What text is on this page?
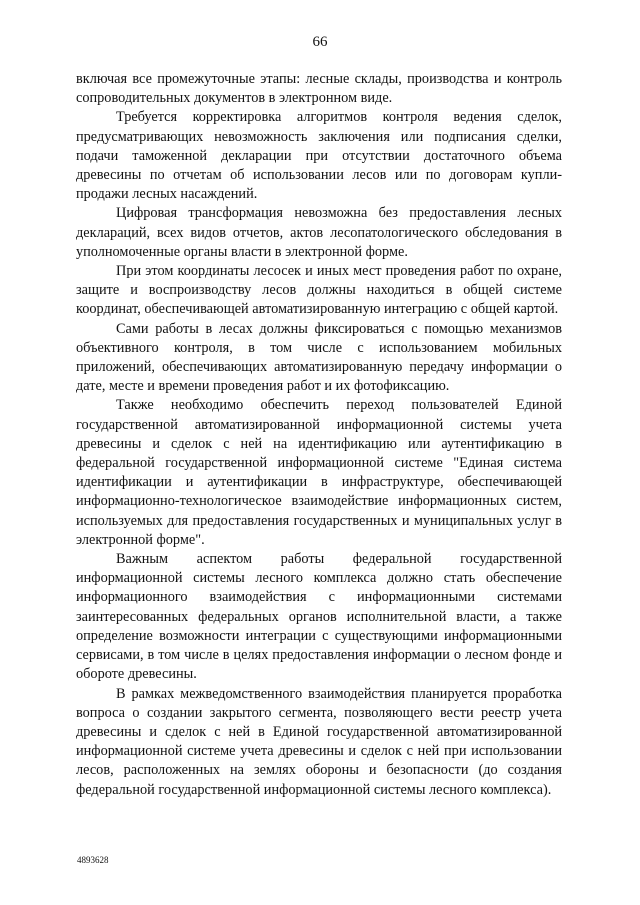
66

включая все промежуточные этапы: лесные склады, производства и контроль сопроводительных документов в электронном виде.

Требуется корректировка алгоритмов контроля ведения сделок, предусматривающих невозможность заключения или подписания сделки, подачи таможенной декларации при отсутствии достаточного объема древесины по отчетам об использовании лесов или по договорам купли-продажи лесных насаждений.

Цифровая трансформация невозможна без предоставления лесных деклараций, всех видов отчетов, актов лесопатологического обследования в уполномоченные органы власти в электронной форме.

При этом координаты лесосек и иных мест проведения работ по охране, защите и воспроизводству лесов должны находиться в общей системе координат, обеспечивающей автоматизированную интеграцию с общей картой.

Сами работы в лесах должны фиксироваться с помощью механизмов объективного контроля, в том числе с использованием мобильных приложений, обеспечивающих автоматизированную передачу информации о дате, месте и времени проведения работ и их фотофиксацию.

Также необходимо обеспечить переход пользователей Единой государственной автоматизированной информационной системы учета древесины и сделок с ней на идентификацию или аутентификацию в федеральной государственной информационной системе "Единая система идентификации и аутентификации в инфраструктуре, обеспечивающей информационно-технологическое взаимодействие информационных систем, используемых для предоставления государственных и муниципальных услуг в электронной форме".

Важным аспектом работы федеральной государственной информационной системы лесного комплекса должно стать обеспечение информационного взаимодействия с информационными системами заинтересованных федеральных органов исполнительной власти, а также определение возможности интеграции с существующими информационными сервисами, в том числе в целях предоставления информации о лесном фонде и обороте древесины.

В рамках межведомственного взаимодействия планируется проработка вопроса о создании закрытого сегмента, позволяющего вести реестр учета древесины и сделок с ней в Единой государственной автоматизированной информационной системе учета древесины и сделок с ней при использовании лесов, расположенных на землях обороны и безопасности (до создания федеральной государственной информационной системы лесного комплекса).

4893628
